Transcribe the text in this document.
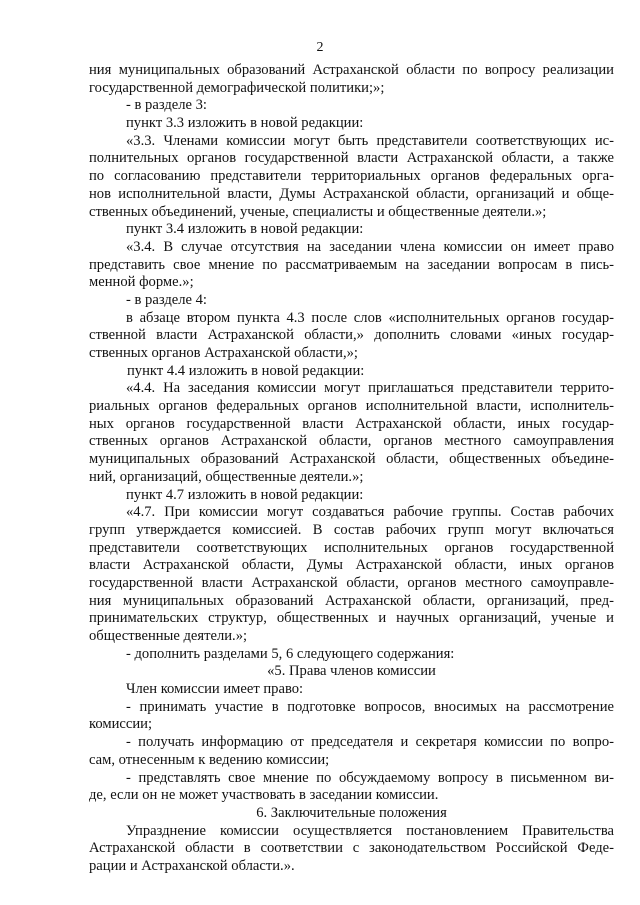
2
ния муниципальных образований Астраханской области по вопросу реализации
государственной демографической политики;»;
- в разделе 3:
пункт 3.3 изложить в новой редакции:
«3.3. Членами комиссии могут быть представители соответствующих ис-
полнительных органов государственной власти Астраханской области, а также
по согласованию представители территориальных органов федеральных орга-
нов исполнительной власти, Думы Астраханской области, организаций и обще-
ственных объединений, ученые, специалисты и общественные деятели.»;
пункт 3.4 изложить в новой редакции:
«3.4. В случае отсутствия на заседании члена комиссии он имеет право
представить свое мнение по рассматриваемым на заседании вопросам в пись-
менной форме.»;
- в разделе 4:
в абзаце втором пункта 4.3 после слов «исполнительных органов государ-
ственной власти Астраханской области,» дополнить словами «иных государ-
ственных органов Астраханской области,»;
пункт 4.4 изложить в новой редакции:
«4.4. На заседания комиссии могут приглашаться представители террито-
риальных органов федеральных органов исполнительной власти, исполнитель-
ных органов государственной власти Астраханской области, иных государ-
ственных органов Астраханской области, органов местного самоуправления
муниципальных образований Астраханской области, общественных объедине-
ний, организаций, общественные деятели.»;
пункт 4.7 изложить в новой редакции:
«4.7. При комиссии могут создаваться рабочие группы. Состав рабочих
групп утверждается комиссией. В состав рабочих групп могут включаться
представители соответствующих исполнительных органов государственной
власти Астраханской области, Думы Астраханской области, иных органов
государственной власти Астраханской области, органов местного самоуправле-
ния муниципальных образований Астраханской области, организаций, пред-
принимательских структур, общественных и научных организаций, ученые и
общественные деятели.»;
- дополнить разделами 5, 6 следующего содержания:
«5. Права членов комиссии
Член комиссии имеет право:
- принимать участие в подготовке вопросов, вносимых на рассмотрение
комиссии;
- получать информацию от председателя и секретаря комиссии по вопро-
сам, отнесенным к ведению комиссии;
- представлять свое мнение по обсуждаемому вопросу в письменном ви-
де, если он не может участвовать в заседании комиссии.
6. Заключительные положения
Упразднение комиссии осуществляется постановлением Правительства
Астраханской области в соответствии с законодательством Российской Феде-
рации и Астраханской области.».
